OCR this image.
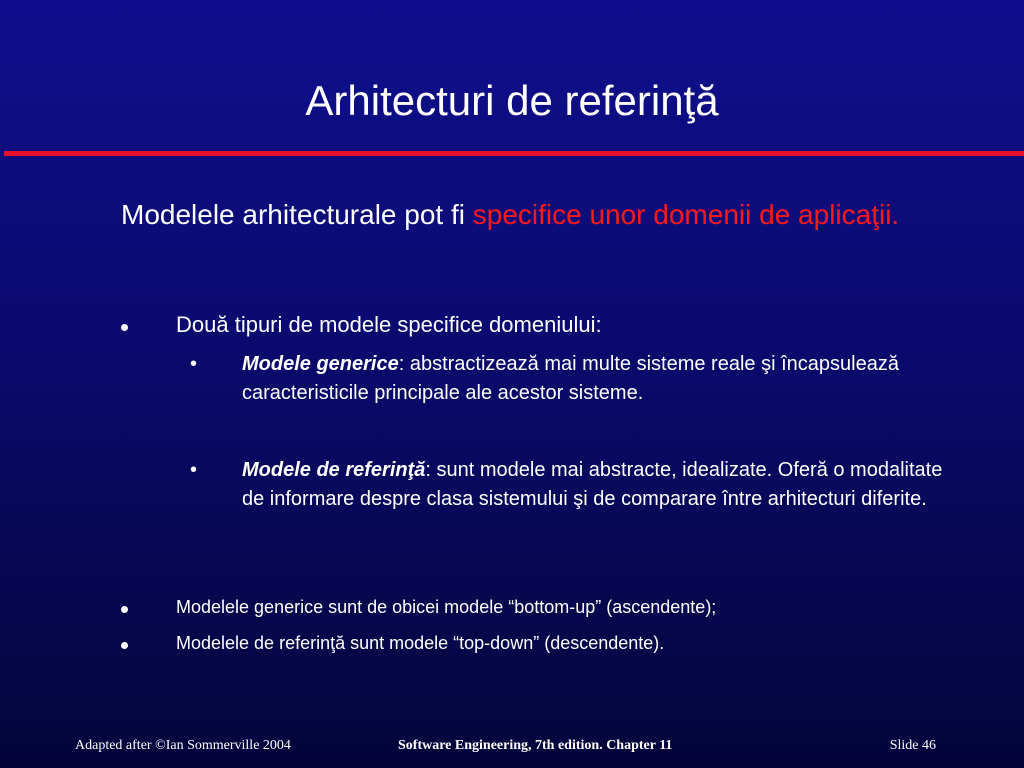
Arhitecturi de referinţă

Modelele arhitecturale pot fi specifice unor domenii de aplicaţii.

Două tipuri de modele specifice domeniului:
•	Modele generice: abstractizează mai multe sisteme reale şi încapsulează caracteristicile principale ale acestor sisteme.
•	Modele de referinţă: sunt modele mai abstracte, idealizate. Oferă o modalitate de informare despre clasa sistemului şi de comparare între arhitecturi diferite.
Modelele generice sunt de obicei modele “bottom-up” (ascendente);
Modelele de referinţă sunt modele “top-down” (descendente).
Adapted after ©Ian Sommerville 2004	Software Engineering, 7th edition. Chapter 11	Slide 46
